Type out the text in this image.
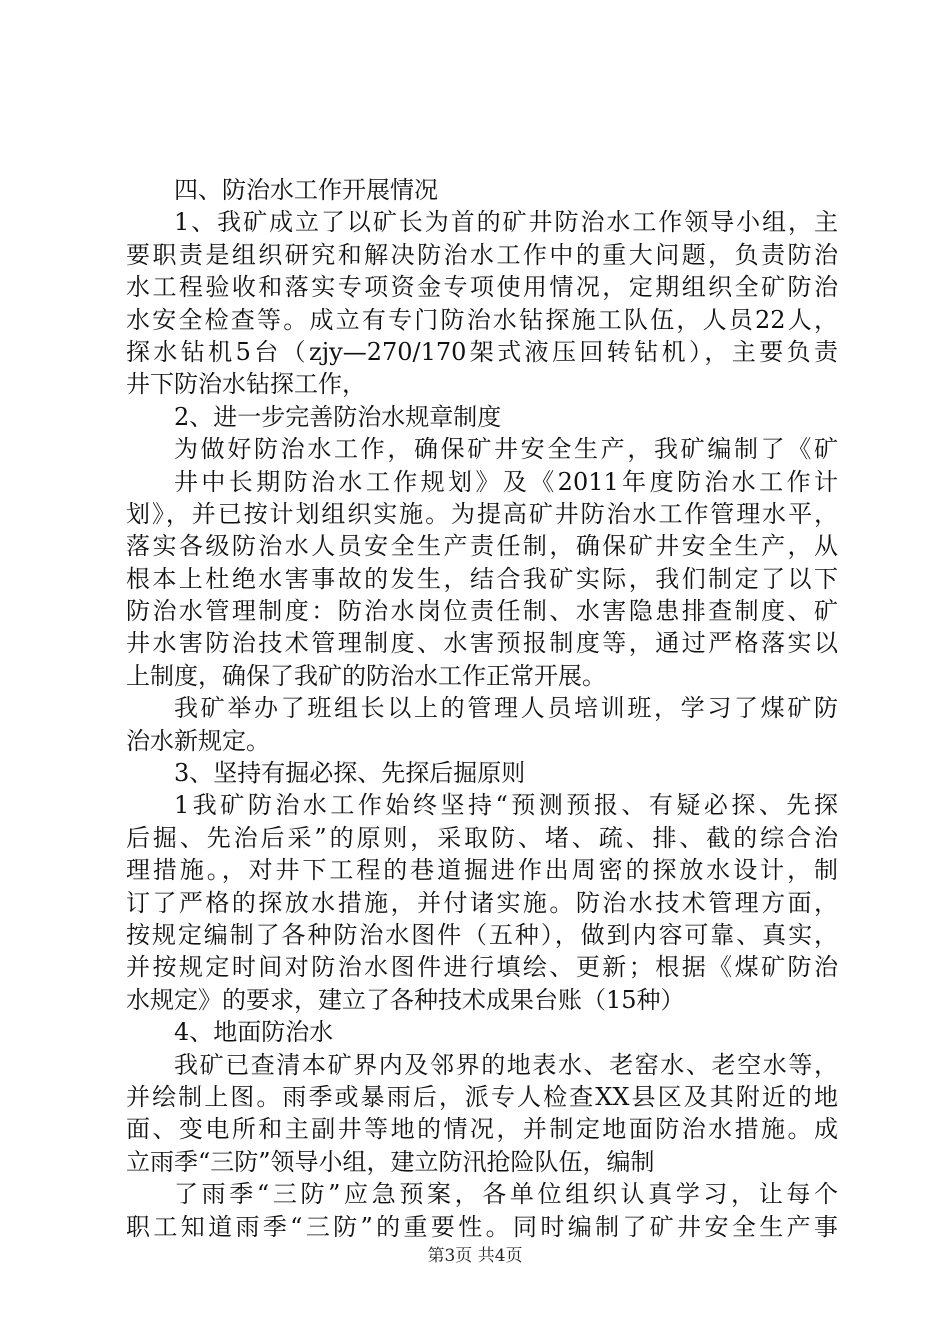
四、防治水工作开展情况
1、我矿成立了以矿长为首的矿井防治水工作领导小组，主
要职责是组织研究和解决防治水工作中的重大问题，负责防治
水工程验收和落实专项资金专项使用情况，定期组织全矿防治
水安全检查等。成立有专门防治水钻探施工队伍，人员22人，
探水钻机5台（zjy—270/170架式液压回转钻机），主要负责
井下防治水钻探工作，
2、进一步完善防治水规章制度
为做好防治水工作，确保矿井安全生产，我矿编制了《矿
井中长期防治水工作规划》及《2011年度防治水工作计
划》，并已按计划组织实施。为提高矿井防治水工作管理水平，
落实各级防治水人员安全生产责任制，确保矿井安全生产，从
根本上杜绝水害事故的发生，结合我矿实际，我们制定了以下
防治水管理制度：防治水岗位责任制、水害隐患排查制度、矿
井水害防治技术管理制度、水害预报制度等，通过严格落实以
上制度，确保了我矿的防治水工作正常开展。
我矿举办了班组长以上的管理人员培训班，学习了煤矿防
治水新规定。
3、坚持有掘必探、先探后掘原则
1我矿防治水工作始终坚持“预测预报、有疑必探、先探
后掘、先治后采”的原则，采取防、堵、疏、排、截的综合治
理措施。，对井下工程的巷道掘进作出周密的探放水设计，制
订了严格的探放水措施，并付诸实施。防治水技术管理方面，
按规定编制了各种防治水图件（五种），做到内容可靠、真实，
并按规定时间对防治水图件进行填绘、更新；根据《煤矿防治
水规定》的要求，建立了各种技术成果台账（15种）
4、地面防治水
我矿已查清本矿界内及邻界的地表水、老窑水、老空水等，
并绘制上图。雨季或暴雨后，派专人检查XX县区及其附近的地
面、变电所和主副井等地的情况，并制定地面防治水措施。成
立雨季“三防”领导小组，建立防汛抢险队伍，编制
了雨季“三防”应急预案，各单位组织认真学习，让每个
职工知道雨季“三防”的重要性。同时编制了矿井安全生产事
第3页 共4页
